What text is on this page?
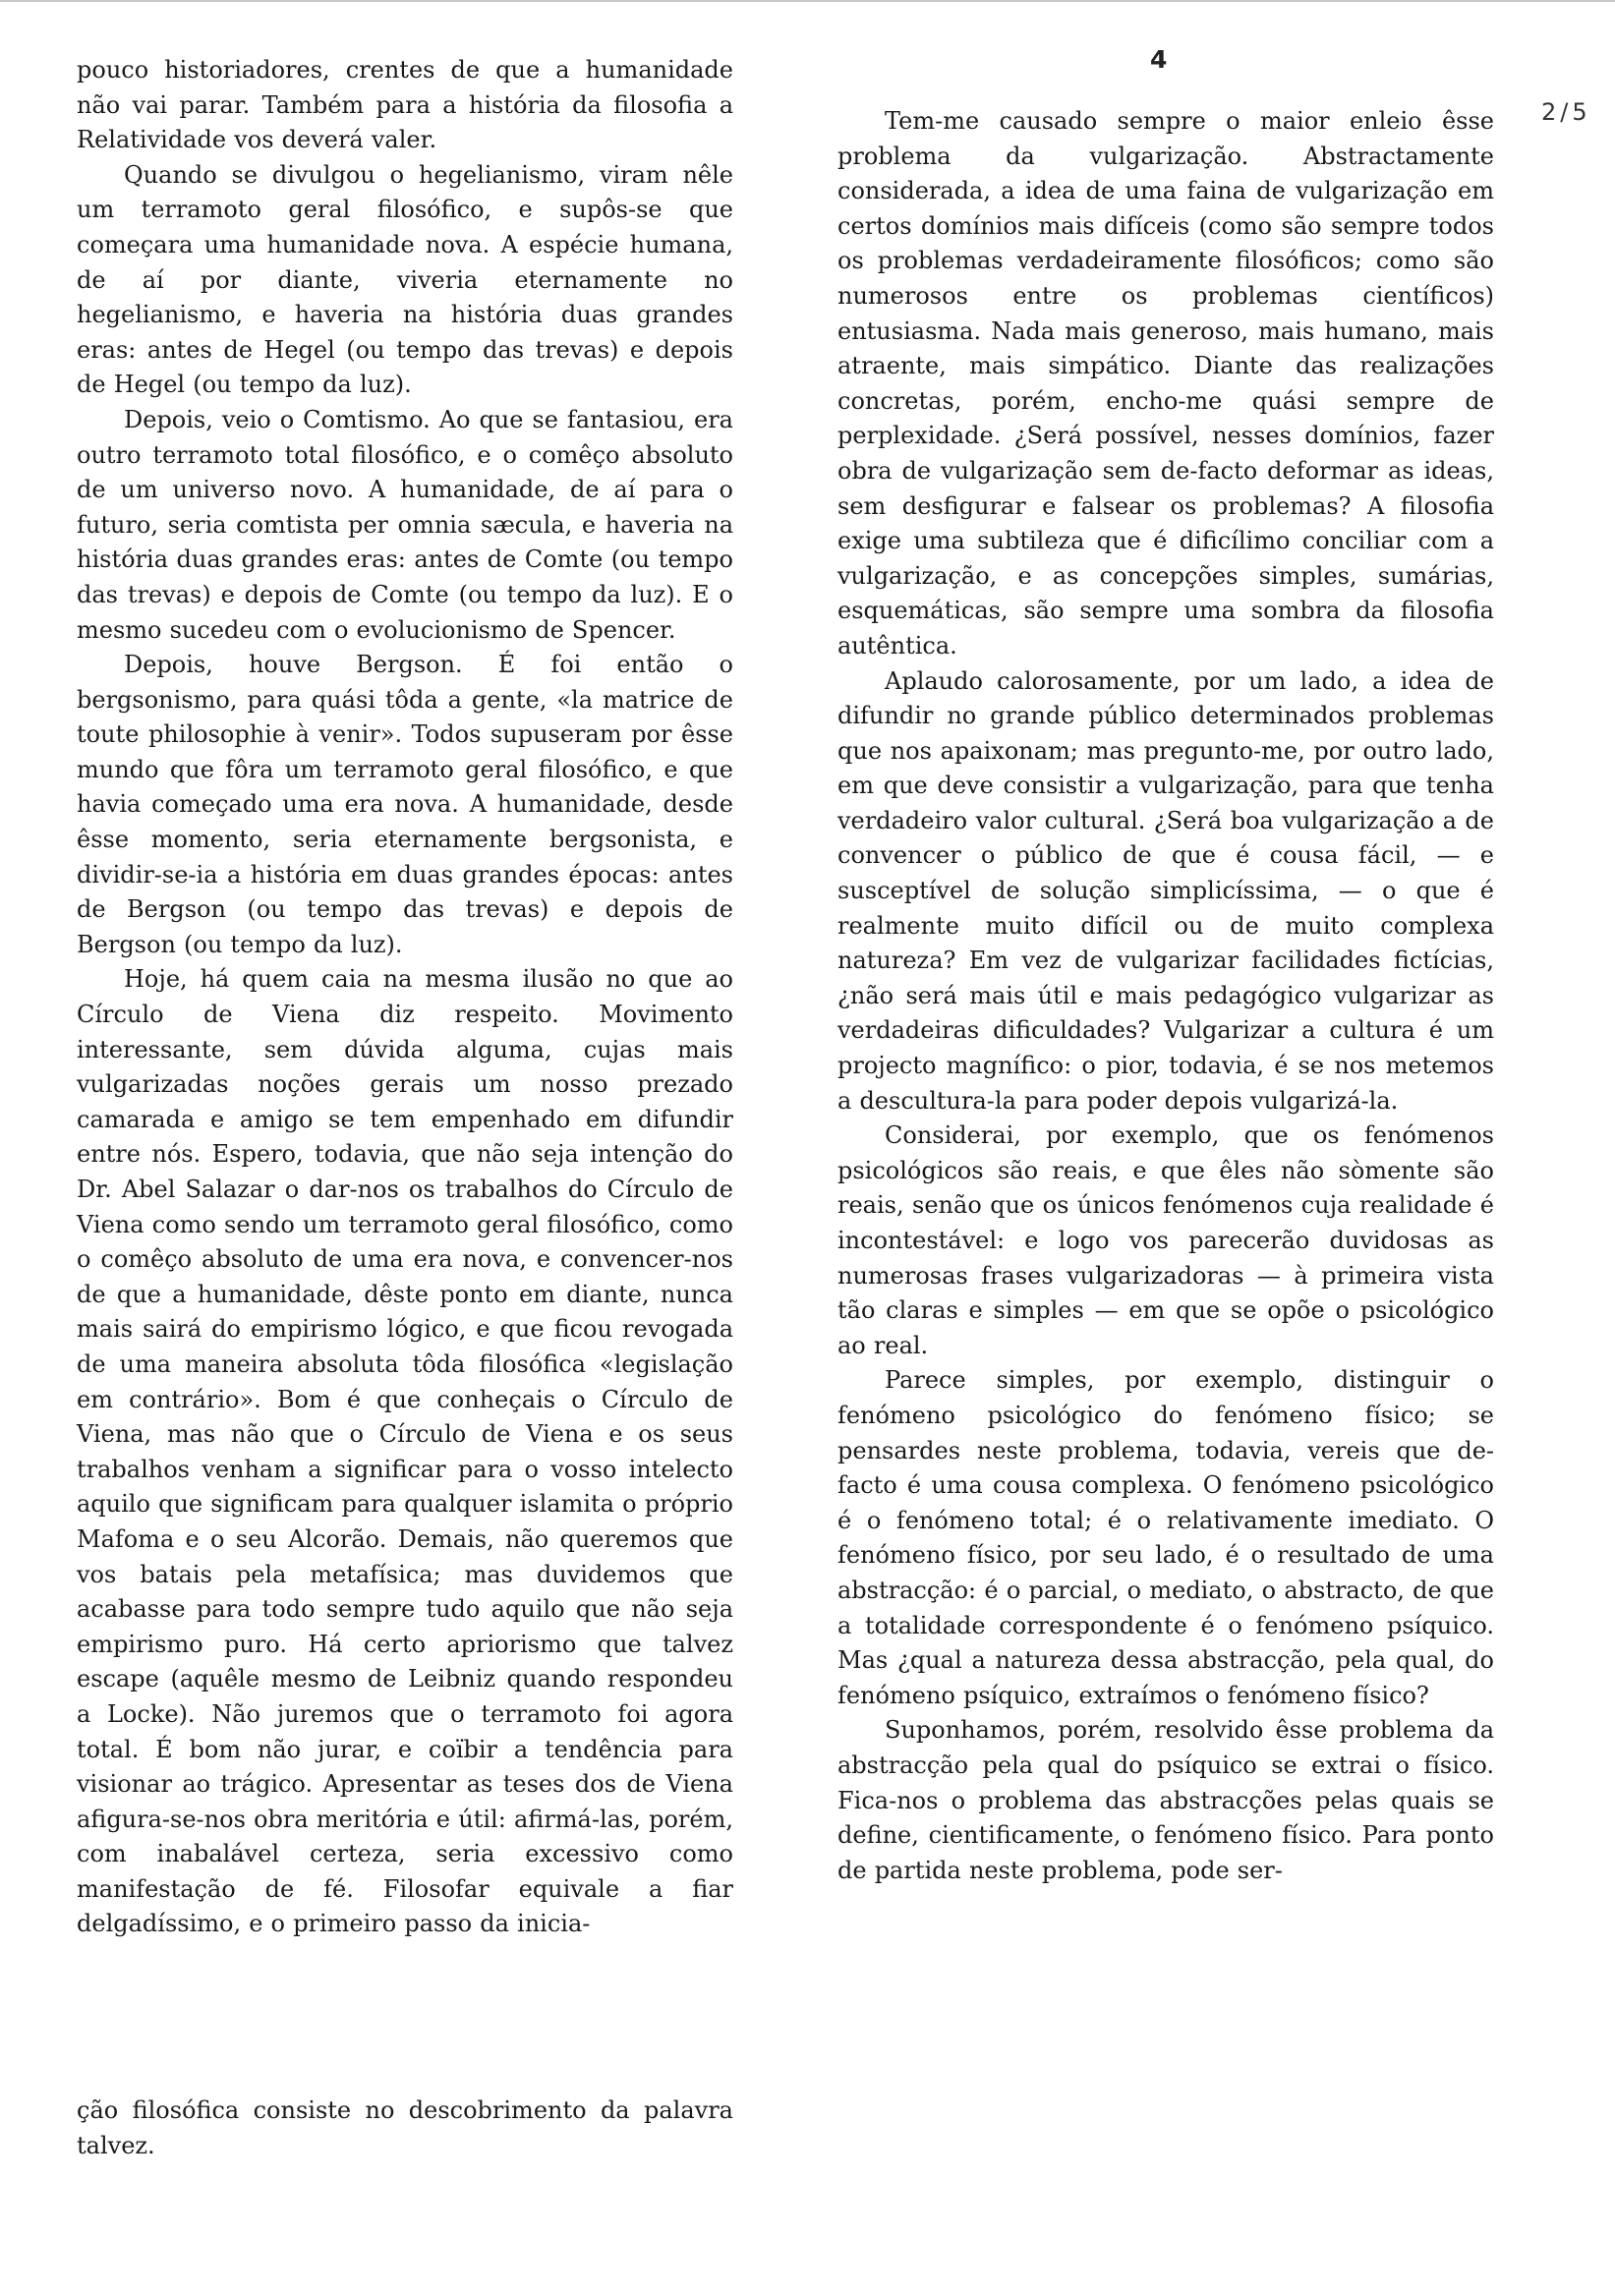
4
2/5

pouco historiadores, crentes de que a humanidade não vai parar. Também para a história da filosofia a Relatividade vos deverá valer.

Quando se divulgou o hegelianismo, viram nêle um terramoto geral filosófico, e supôs-se que começara uma humanidade nova. A espécie humana, de aí por diante, viveria eternamente no hegelianismo, e haveria na história duas grandes eras: antes de Hegel (ou tempo das trevas) e depois de Hegel (ou tempo da luz).

Depois, veio o Comtismo. Ao que se fantasiou, era outro terramoto total filosófico, e o comêço absoluto de um universo novo. A humanidade, de aí para o futuro, seria comtista per omnia sæcula, e haveria na história duas grandes eras: antes de Comte (ou tempo das trevas) e depois de Comte (ou tempo da luz). E o mesmo sucedeu com o evolucionismo de Spencer.

Depois, houve Bergson. É foi então o bergsonismo, para quási tôda a gente, «la matrice de toute philosophie à venir». Todos supuseram por êsse mundo que fôra um terramoto geral filosófico, e que havia começado uma era nova. A humanidade, desde êsse momento, seria eternamente bergsonista, e dividir-se-ia a história em duas grandes épocas: antes de Bergson (ou tempo das trevas) e depois de Bergson (ou tempo da luz).

Hoje, há quem caia na mesma ilusão no que ao Círculo de Viena diz respeito. Movimento interessante, sem dúvida alguma, cujas mais vulgarizadas noções gerais um nosso prezado camarada e amigo se tem empenhado em difundir entre nós. Espero, todavia, que não seja intenção do Dr. Abel Salazar o dar-nos os trabalhos do Círculo de Viena como sendo um terramoto geral filosófico, como o comêço absoluto de uma era nova, e convencer-nos de que a humanidade, dêste ponto em diante, nunca mais sairá do empirismo lógico, e que ficou revogada de uma maneira absoluta tôda filosófica «legislação em contrário». Bom é que conheçais o Círculo de Viena, mas não que o Círculo de Viena e os seus trabalhos venham a significar para o vosso intelecto aquilo que significam para qualquer islamita o próprio Mafoma e o seu Alcorão. Demais, não queremos que vos batais pela metafísica; mas duvidemos que acabasse para todo sempre tudo aquilo que não seja empirismo puro. Há certo apriorismo que talvez escape (aquêle mesmo de Leibniz quando respondeu a Locke). Não juremos que o terramoto foi agora total. É bom não jurar, e coïbir a tendência para visionar ao trágico. Apresentar as teses dos de Viena afigura-se-nos obra meritória e útil: afirmá-las, porém, com inabalável certeza, seria excessivo como manifestação de fé. Filosofar equivale a fiar delgadíssimo, e o primeiro passo da inicia-

ção filosófica consiste no descobrimento da palavra talvez.

Tem-me causado sempre o maior enleio êsse problema da vulgarização. Abstractamente considerada, a idea de uma faina de vulgarização em certos domínios mais difíceis (como são sempre todos os problemas verdadeiramente filosóficos; como são numerosos entre os problemas científicos) entusiasma. Nada mais generoso, mais humano, mais atraente, mais simpático. Diante das realizações concretas, porém, encho-me quási sempre de perplexidade. ¿Será possível, nesses domínios, fazer obra de vulgarização sem de-facto deformar as ideas, sem desfigurar e falsear os problemas? A filosofia exige uma subtileza que é dificílimo conciliar com a vulgarização, e as concepções simples, sumárias, esquemáticas, são sempre uma sombra da filosofia autêntica.

Aplaudo calorosamente, por um lado, a idea de difundir no grande público determinados problemas que nos apaixonam; mas pregunto-me, por outro lado, em que deve consistir a vulgarização, para que tenha verdadeiro valor cultural. ¿Será boa vulgarização a de convencer o público de que é cousa fácil, — e susceptível de solução simplicíssima, — o que é realmente muito difícil ou de muito complexa natureza? Em vez de vulgarizar facilidades fictícias, ¿não será mais útil e mais pedagógico vulgarizar as verdadeiras dificuldades? Vulgarizar a cultura é um projecto magnífico: o pior, todavia, é se nos metemos a descultura-la para poder depois vulgarizá-la.

Considerai, por exemplo, que os fenómenos psicológicos são reais, e que êles não sòmente são reais, senão que os únicos fenómenos cuja realidade é incontestável: e logo vos parecerão duvidosas as numerosas frases vulgarizadoras — à primeira vista tão claras e simples — em que se opõe o psicológico ao real.

Parece simples, por exemplo, distinguir o fenómeno psicológico do fenómeno físico; se pensardes neste problema, todavia, vereis que de-facto é uma cousa complexa. O fenómeno psicológico é o fenómeno total; é o relativamente imediato. O fenómeno físico, por seu lado, é o resultado de uma abstracção: é o parcial, o mediato, o abstracto, de que a totalidade correspondente é o fenómeno psíquico. Mas ¿qual a natureza dessa abstracção, pela qual, do fenómeno psíquico, extraímos o fenómeno físico?

Suponhamos, porém, resolvido êsse problema da abstracção pela qual do psíquico se extrai o físico. Fica-nos o problema das abstracções pelas quais se define, cientificamente, o fenómeno físico. Para ponto de partida neste problema, pode ser-
